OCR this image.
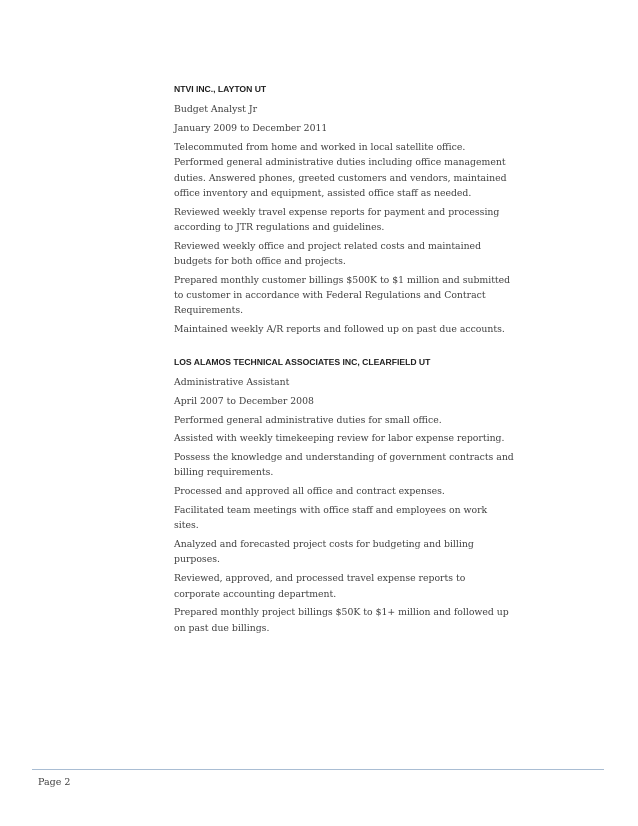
NTVI INC., LAYTON UT
Budget Analyst Jr
January 2009 to December 2011
Telecommuted from home and worked in local satellite office. Performed general administrative duties including office management duties. Answered phones, greeted customers and vendors, maintained office inventory and equipment, assisted office staff as needed.
Reviewed weekly travel expense reports for payment and processing according to JTR regulations and guidelines.
Reviewed weekly office and project related costs and maintained budgets for both office and projects.
Prepared monthly customer billings $500K to $1 million and submitted to customer in accordance with Federal Regulations and Contract Requirements.
Maintained weekly A/R reports and followed up on past due accounts.
LOS ALAMOS TECHNICAL ASSOCIATES INC, CLEARFIELD UT
Administrative Assistant
April 2007 to December 2008
Performed general administrative duties for small office.
Assisted with weekly timekeeping review for labor expense reporting.
Possess the knowledge and understanding of government contracts and billing requirements.
Processed and approved all office and contract expenses.
Facilitated team meetings with office staff and employees on work sites.
Analyzed and forecasted project costs for budgeting and billing purposes.
Reviewed, approved, and processed travel expense reports to corporate accounting department.
Prepared monthly project billings $50K to $1+ million and followed up on past due billings.
Page 2
